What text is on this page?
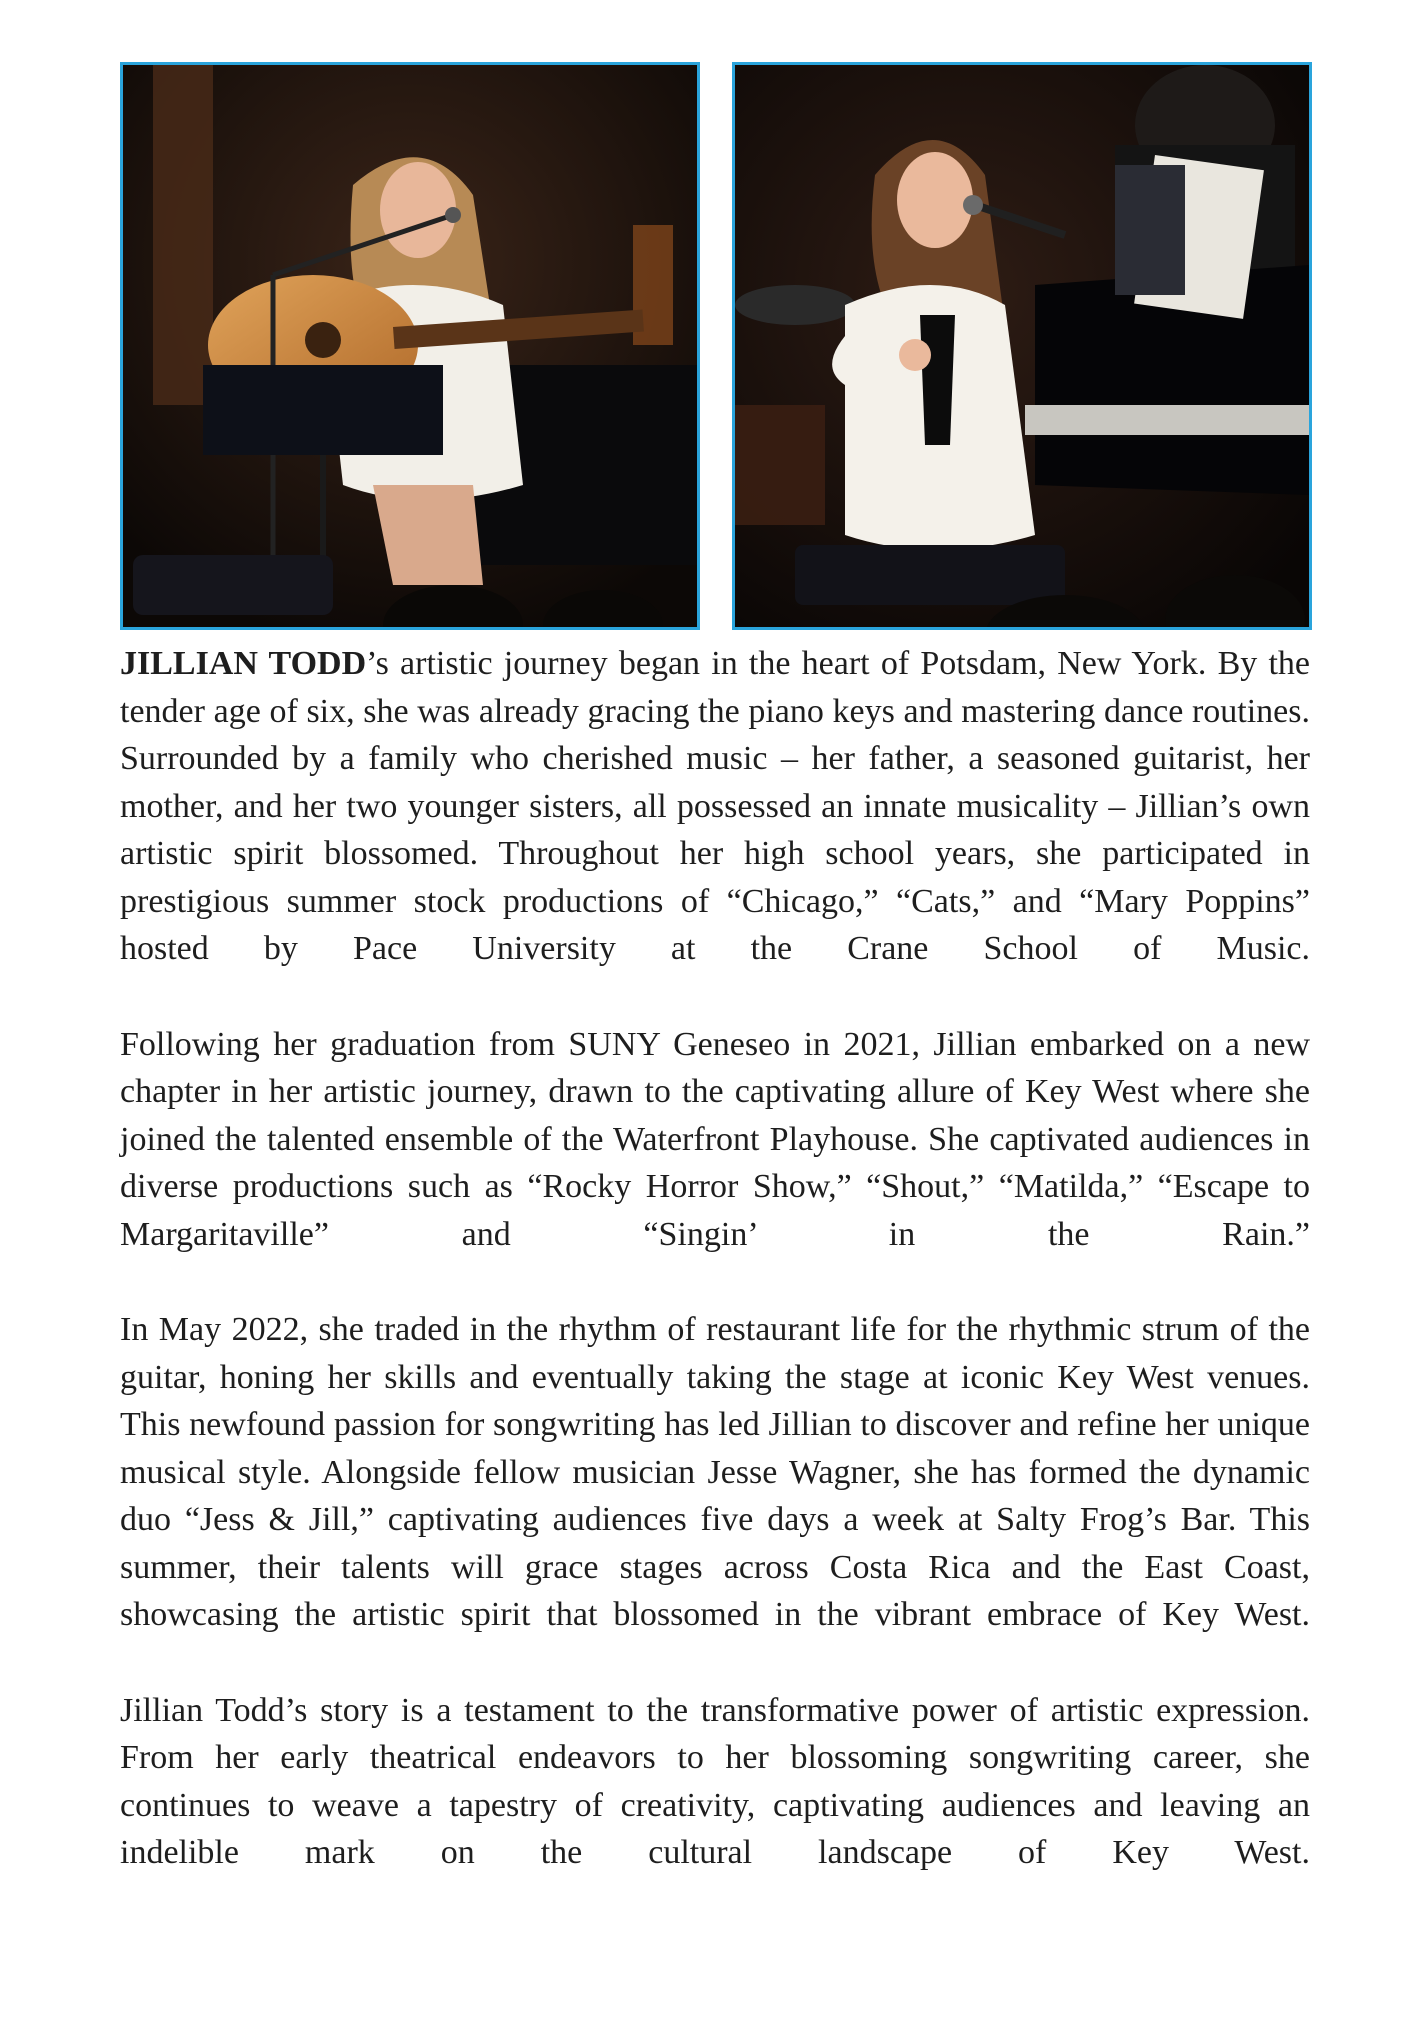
JILLIAN TODD’s artistic journey began in the heart of Potsdam, New York. By the tender age of six, she was already gracing the piano keys and mastering dance routines. Surrounded by a family who cherished music – her father, a seasoned guitarist, her mother, and her two younger sisters, all possessed an innate musicality – Jillian’s own artistic spirit blossomed. Throughout her high school years, she participated in prestigious summer stock productions of “Chicago,” “Cats,” and “Mary Poppins” hosted by Pace University at the Crane School of Music.

Following her graduation from SUNY Geneseo in 2021, Jillian embarked on a new chapter in her artistic journey, drawn to the captivating allure of Key West where she joined the talented ensemble of the Waterfront Playhouse. She captivated audiences in diverse productions such as “Rocky Horror Show,” “Shout,” “Matilda,” “Escape to Margaritaville” and “Singin’ in the Rain.”

In May 2022, she traded in the rhythm of restaurant life for the rhythmic strum of the guitar, honing her skills and eventually taking the stage at iconic Key West venues. This newfound passion for songwriting has led Jillian to discover and refine her unique musical style. Alongside fellow musician Jesse Wagner, she has formed the dynamic duo “Jess & Jill,” captivating audiences five days a week at Salty Frog’s Bar. This summer, their talents will grace stages across Costa Rica and the East Coast, showcasing the artistic spirit that blossomed in the vibrant embrace of Key West.

Jillian Todd’s story is a testament to the transformative power of artistic expression. From her early theatrical endeavors to her blossoming songwriting career, she continues to weave a tapestry of creativity, captivating audiences and leaving an indelible mark on the cultural landscape of Key West.
